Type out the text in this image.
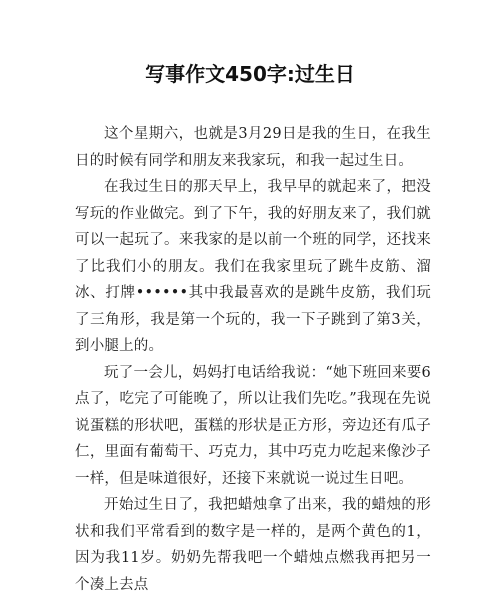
写事作文450字:过生日

这个星期六，也就是3月29日是我的生日，在我生日的时候有同学和朋友来我家玩，和我一起过生日。

在我过生日的那天早上，我早早的就起来了，把没写玩的作业做完。到了下午，我的好朋友来了，我们就可以一起玩了。来我家的是以前一个班的同学，还找来了比我们小的朋友。我们在我家里玩了跳牛皮筋、溜冰、打牌••••••其中我最喜欢的是跳牛皮筋，我们玩了三角形，我是第一个玩的，我一下子跳到了第3关，到小腿上的。

玩了一会儿，妈妈打电话给我说：“她下班回来要6点了，吃完了可能晚了，所以让我们先吃。”我现在先说说蛋糕的形状吧，蛋糕的形状是正方形，旁边还有瓜子仁，里面有葡萄干、巧克力，其中巧克力吃起来像沙子一样，但是味道很好，还接下来就说一说过生日吧。

开始过生日了，我把蜡烛拿了出来，我的蜡烛的形状和我们平常看到的数字是一样的，是两个黄色的1，因为我11岁。奶奶先帮我吧一个蜡烛点燃我再把另一个凑上去点
